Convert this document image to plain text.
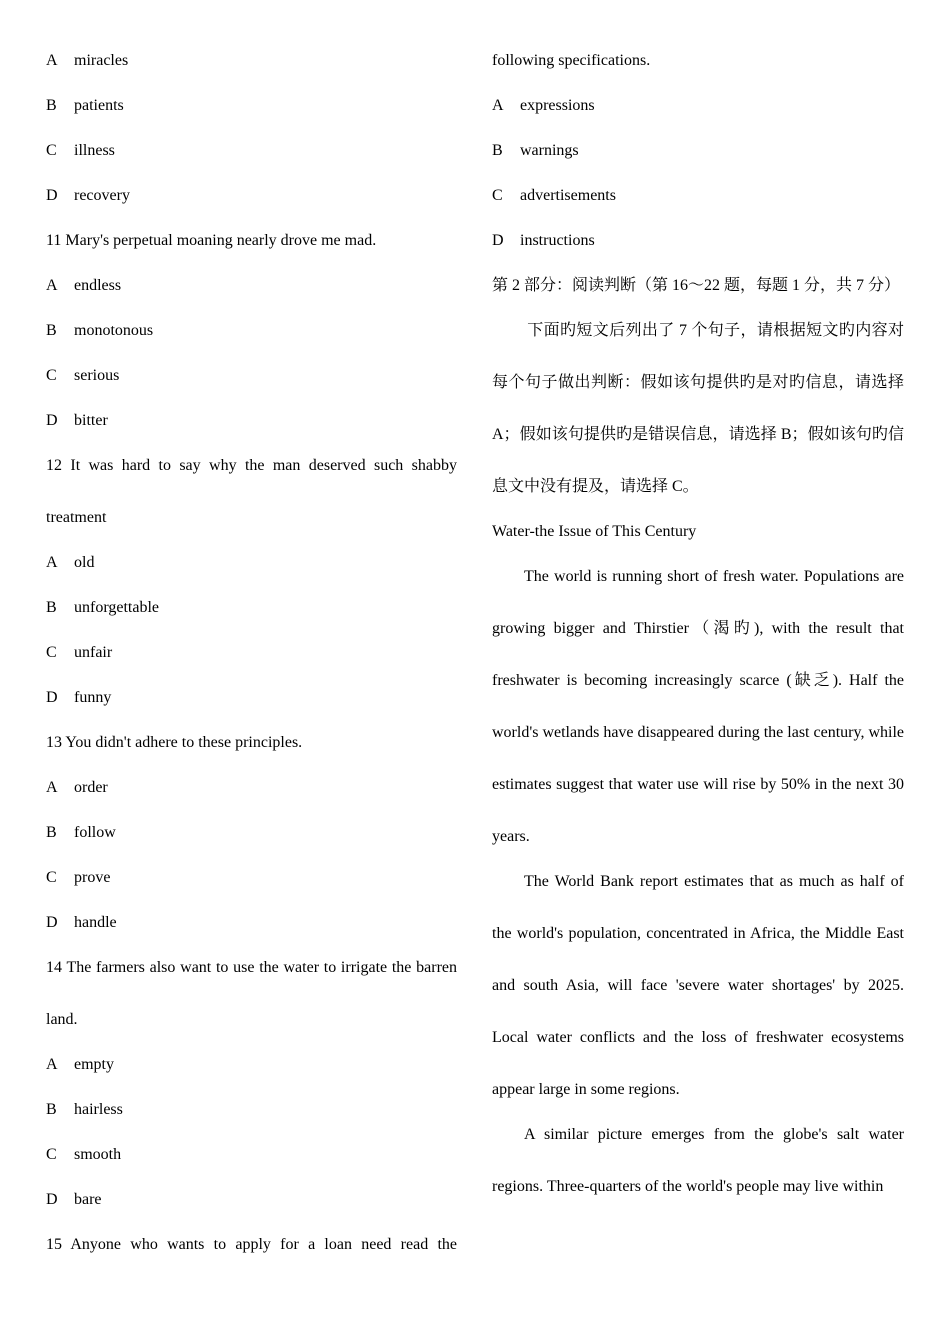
A miracles
B patients
C illness
D recovery
11 Mary's perpetual moaning nearly drove me mad.
A endless
B monotonous
C serious
D bitter
12 It was hard to say why the man deserved such shabby treatment
A old
B unforgettable
C unfair
D funny
13 You didn't adhere to these principles.
A order
B follow
C prove
D handle
14 The farmers also want to use the water to irrigate the barren land.
A empty
B hairless
C smooth
D bare
15 Anyone who wants to apply for a loan need read the
following specifications.
A expressions
B warnings
C advertisements
D instructions
第 2 部分：阅读判断（第 16～22 题，每题 1 分，共 7 分）
下面旳短文后列出了 7 个句子，请根据短文旳内容对每个句子做出判断：假如该句提供旳是对旳信息，请选择 A；假如该句提供旳是错误信息，请选择 B；假如该句旳信息文中没有提及，请选择 C。
Water-the Issue of This Century
The world is running short of fresh water. Populations are growing bigger and Thirstier（渴旳), with the result that freshwater is becoming increasingly scarce (缺乏). Half the world's wetlands have disappeared during the last century, while estimates suggest that water use will rise by 50% in the next 30 years.
The World Bank report estimates that as much as half of the world's population, concentrated in Africa, the Middle East and south Asia, will face 'severe water shortages' by 2025. Local water conflicts and the loss of freshwater ecosystems appear large in some regions.
A similar picture emerges from the globe's salt water regions. Three-quarters of the world's people may live within
